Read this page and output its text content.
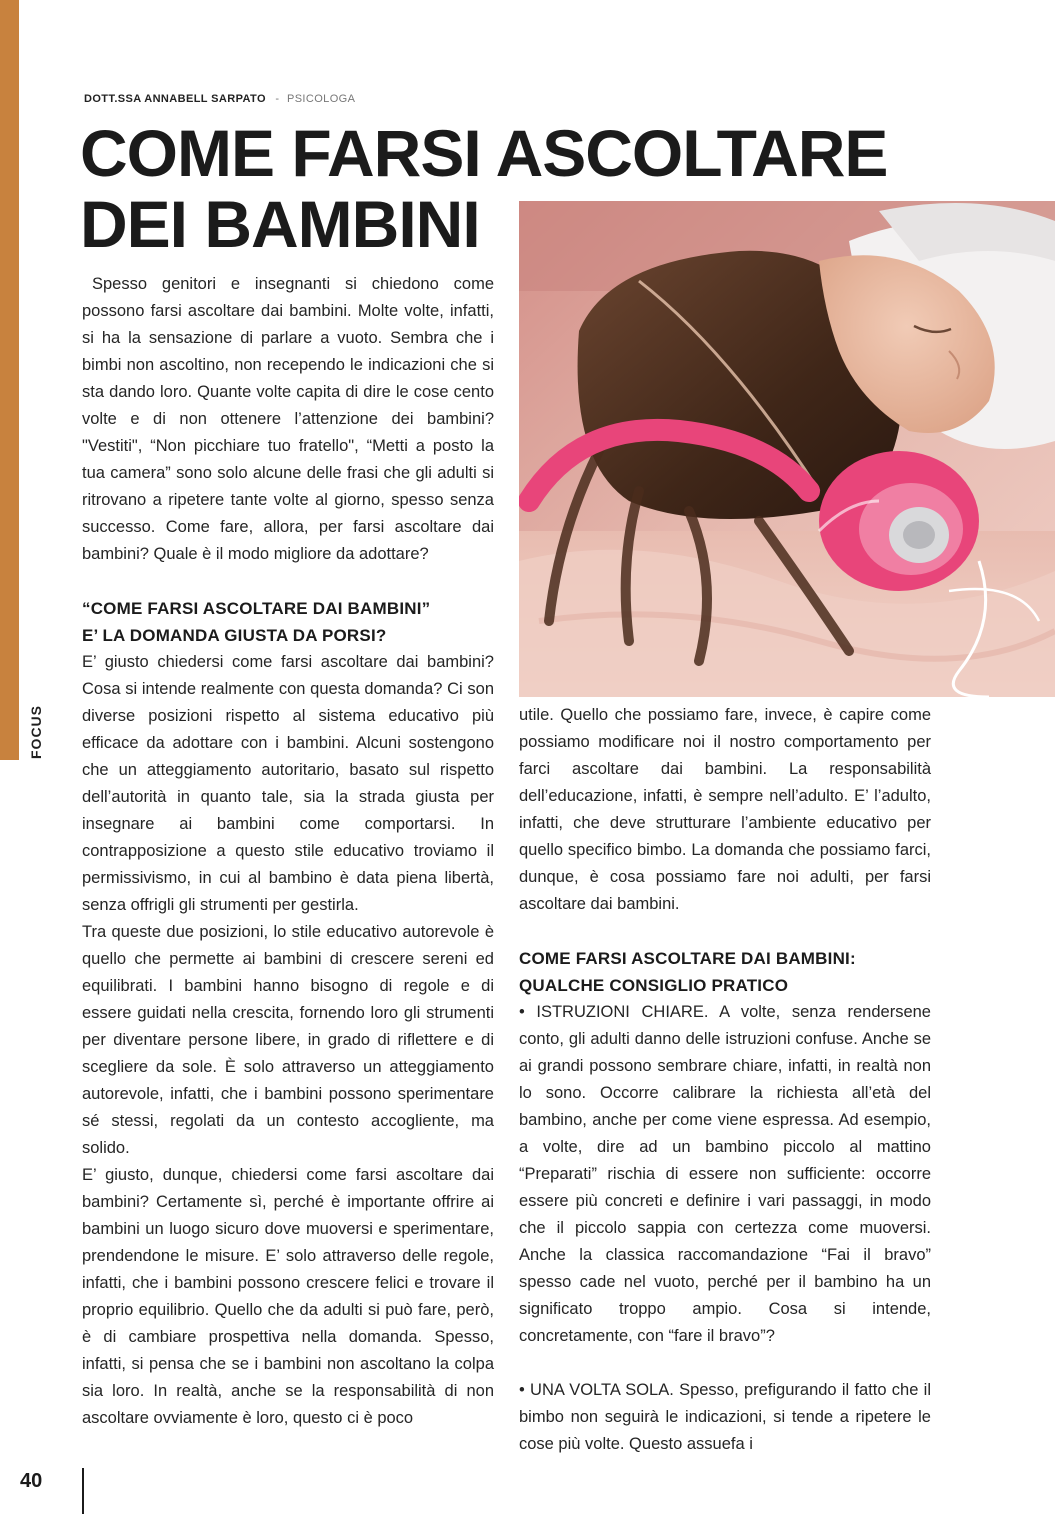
FOCUS
DOTT.SSA ANNABELL SARPATO - PSICOLOGA
COME FARSI ASCOLTARE
DEI BAMBINI

Spesso genitori e insegnanti si chiedono come possono farsi ascoltare dai bambini. Molte volte, infatti, si ha la sensazione di parlare a vuoto. Sembra che i bimbi non ascoltino, non recependo le indicazioni che si sta dando loro. Quante volte capita di dire le cose cento volte e di non ottenere l’attenzione dei bambini? "Vestiti", “Non picchiare tuo fratello", “Metti a posto la tua camera” sono solo alcune delle frasi che gli adulti si ritrovano a ripetere tante volte al giorno, spesso senza successo. Come fare, allora, per farsi ascoltare dai bambini? Quale è il modo migliore da adottare?

“COME FARSI ASCOLTARE DAI BAMBINI”
E’ LA DOMANDA GIUSTA DA PORSI?

E’ giusto chiedersi come farsi ascoltare dai bambini? Cosa si intende realmente con questa domanda? Ci son diverse posizioni rispetto al sistema educativo più efficace da adottare con i bambini. Alcuni sostengono che un atteggiamento autoritario, basato sul rispetto dell’autorità in quanto tale, sia la strada giusta per insegnare ai bambini come comportarsi. In contrapposizione a questo stile educativo troviamo il permissivismo, in cui al bambino è data piena libertà, senza offrigli gli strumenti per gestirla.

Tra queste due posizioni, lo stile educativo autorevole è quello che permette ai bambini di crescere sereni ed equilibrati. I bambini hanno bisogno di regole e di essere guidati nella crescita, fornendo loro gli strumenti per diventare persone libere, in grado di riflettere e di scegliere da sole. È solo attraverso un atteggiamento autorevole, infatti, che i bambini possono sperimentare sé stessi, regolati da un contesto accogliente, ma solido.

E’ giusto, dunque, chiedersi come farsi ascoltare dai bambini? Certamente sì, perché è importante offrire ai bambini un luogo sicuro dove muoversi e sperimentare, prendendone le misure. E’ solo attraverso delle regole, infatti, che i bambini possono crescere felici e trovare il proprio equilibrio. Quello che da adulti si può fare, però, è di cambiare prospettiva nella domanda. Spesso, infatti, si pensa che se i bambini non ascoltano la colpa sia loro. In realtà, anche se la responsabilità di non ascoltare ovviamente è loro, questo ci è poco

utile. Quello che possiamo fare, invece, è capire come possiamo modificare noi il nostro comportamento per farci ascoltare dai bambini. La responsabilità dell’educazione, infatti, è sempre nell’adulto. E’ l’adulto, infatti, che deve strutturare l’ambiente educativo per quello specifico bimbo. La domanda che possiamo farci, dunque, è cosa possiamo fare noi adulti, per farsi ascoltare dai bambini.

COME FARSI ASCOLTARE DAI BAMBINI:
QUALCHE CONSIGLIO PRATICO

• ISTRUZIONI CHIARE. A volte, senza rendersene conto, gli adulti danno delle istruzioni confuse. Anche se ai grandi possono sembrare chiare, infatti, in realtà non lo sono. Occorre calibrare la richiesta all’età del bambino, anche per come viene espressa. Ad esempio, a volte, dire ad un bambino piccolo al mattino “Preparati” rischia di essere non sufficiente: occorre essere più concreti e definire i vari passaggi, in modo che il piccolo sappia con certezza come muoversi. Anche la classica raccomandazione “Fai il bravo” spesso cade nel vuoto, perché per il bambino ha un significato troppo ampio. Cosa si intende, concretamente, con “fare il bravo”?

• UNA VOLTA SOLA. Spesso, prefigurando il fatto che il bimbo non seguirà le indicazioni, si tende a ripetere le cose più volte. Questo assuefa i

40
